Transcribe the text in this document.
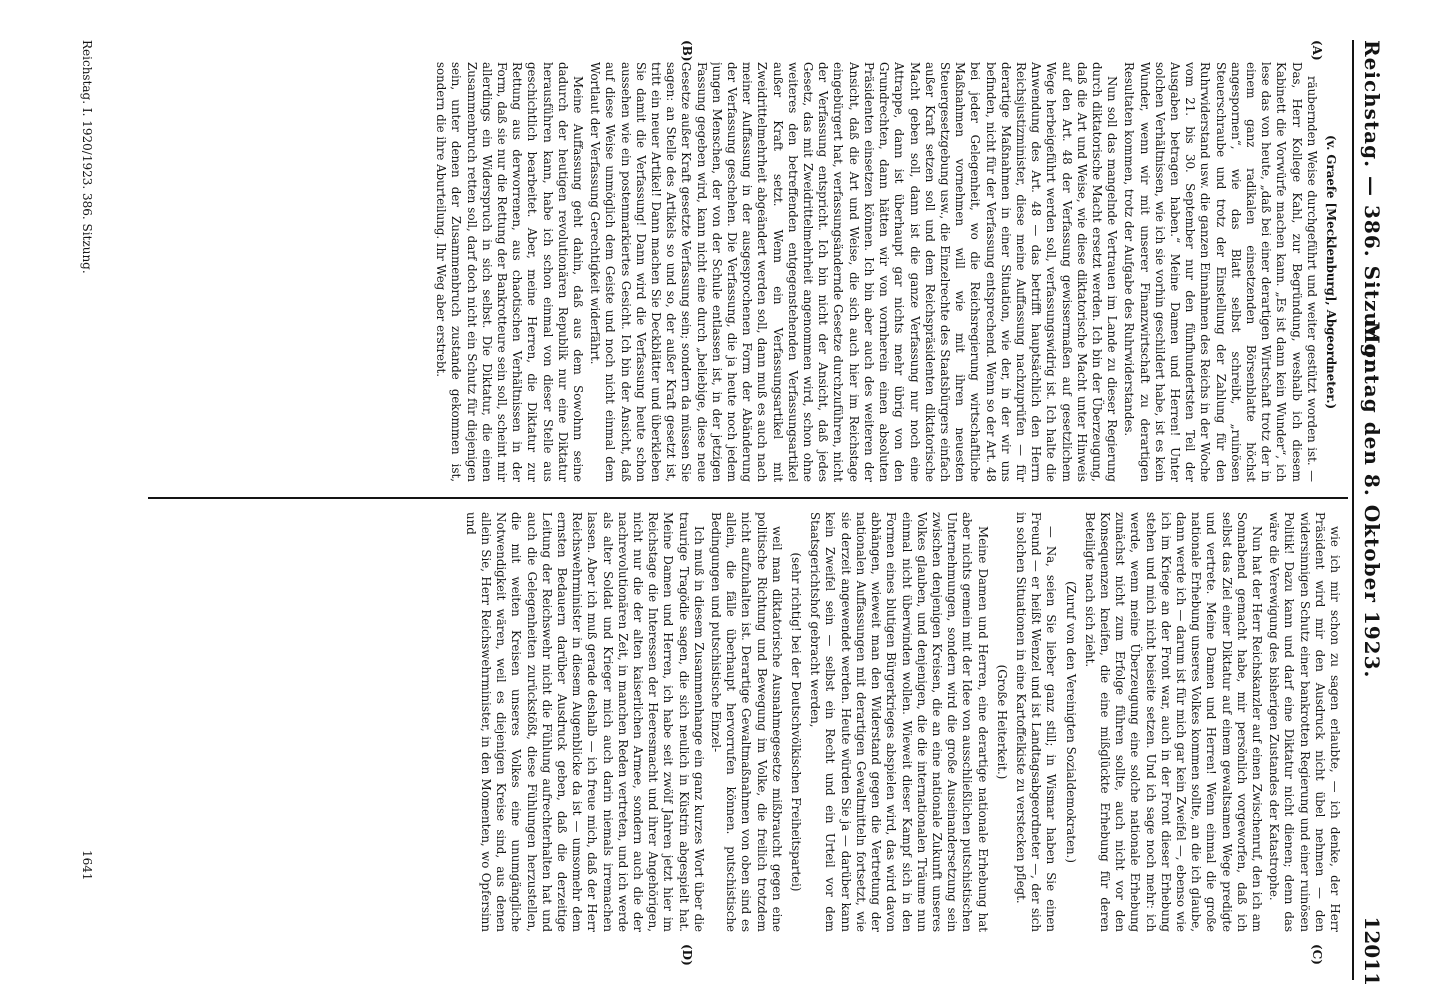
Reichstag. — 386. Sitzung.
Montag den 8. Oktober 1923.
12011
(A)
(B)
(C)
(D)

(v. Graefe [Mecklenburg], Abgeordneter.)

räubernden Weise durchgeführt und weiter gestützt worden ist. — Das, Herr Kollege Kahl, zur Begründung, weshalb ich diesem Kabinett die Vorwürfe machen kann. „Es ist dann kein Wunder“, ich lese das von heute, „daß bei einer derartigen Wirtschaft trotz der in einem ganz radikalen einsetzenden Börsenblatte höchst angespornen“, wie das Blatt selbst schreibt, „ruinösen Steuerschraube und trotz der Einstellung der Zahlung für den Ruhrwiderstand usw. die ganzen Einnahmen des Reichs in der Woche vom 21. bis 30. September nur den fünfhundertsten Teil der Ausgaben betragen haben.“ Meine Damen und Herren! Unter solchen Verhältnissen, wie ich sie vorhin geschildert habe, ist es kein Wunder, wenn wir mit unserer Finanzwirtschaft zu derartigen Resultaten kommen, trotz der Aufgabe des Ruhrwiderstandes.

Nun soll das mangelnde Vertrauen im Lande zu dieser Regierung durch diktatorische Macht ersetzt werden. Ich bin der Überzeugung, daß die Art und Weise, wie diese diktatorische Macht unter Hinweis auf den Art. 48 der Verfassung gewissermaßen auf gesetzlichem Wege herbeigeführt werden soll, verfassungswidrig ist. Ich halte die Anwendung des Art. 48 — das betrifft hauptsächlich den Herrn Reichsjustizminister, diese meine Auffassung nachzuprüfen — für derartige Maßnahmen in einer Situation, wie der, in der wir uns befinden, nicht für der Verfassung entsprechend. Wenn so der Art. 48 bei jeder Gelegenheit, wo die Reichsregierung wirtschaftliche Maßnahmen vornehmen will wie mit ihren neuesten Steuergesetzgebung usw., die Einzelrechte des Staatsbürgers einfach außer Kraft setzen soll und dem Reichspräsidenten diktatorische Macht geben soll, dann ist die ganze Verfassung nur noch eine Attrappe, dann ist überhaupt gar nichts mehr übrig von den Grundrechten, dann hätten wir von vornherein einen absoluten Präsidenten einsetzen können. Ich bin aber auch des weiteren der Ansicht, daß die Art und Weise, die sich auch hier im Reichstage eingebürgert hat, verfassungsändernde Gesetze durchzuführen, nicht der Verfassung entspricht. Ich bin nicht der Ansicht, daß jedes Gesetz, das mit Zweidrittelmehrheit angenommen wird, schon ohne weiteres den betreffenden entgegenstehenden Verfassungsartikel außer Kraft setzt. Wenn ein Verfassungsartikel mit Zweidrittelmehrheit abgeändert werden soll, dann muß es auch nach meiner Auffassung in der ausgesprochenen Form der Abänderung der Verfassung geschehen. Die Verfassung, die ja heute noch jedem jungen Menschen, der von der Schule entlassen ist, in der jetzigen Fassung gegeben wird, kann nicht eine durch „beliebige, diese neue Gesetze außer Kraft gesetzte Verfassung sein; sondern da müssen Sie sagen: an Stelle des Artikels so und so, der außer Kraft gesetzt ist, tritt ein neuer Artikel! Dann machen Sie Deckblätter und überkleben Sie damit die Verfassung! Dann wird die Verfassung heute schon aussehen wie ein postenmarkiertes Gesicht. Ich bin der Ansicht, daß auf diese Weise unmöglich dem Geiste und noch nicht einmal dem Wortlaut der Verfassung Gerechtigkeit widerfährt.

Meine Auffassung geht dahin, daß aus dem Sowohnn seine dadurch der heutigen revolutionären Republik nur eine Diktatur herausführen kann, habe ich schon einmal von dieser Stelle aus geschichtlich bearbeitet. Aber, meine Herren, die Diktatur zur Rettung aus derworrenen, aus chaotischen Verhältnissen in der Form, daß sie nur die Rettung der Bankrotteure sein soll, scheint mir allerdings ein Widerspruch in sich selbst. Die Diktatur, die einen Zusammenbruch retten soll, darf doch nicht ein Schutz für diejenigen sein, unter denen der Zusammenbruch zustande gekommen ist, sondern die ihre Aburteilung. Ihr Weg aber erstrebt.

wie ich mir schon zu sagen erlaubte, — ich denke, der Herr Präsident wird mir den Ausdruck nicht übel nehmen — den widersinnigen Schutz einer bankrotten Regierung und einer ruinösen Politik! Dazu kann und darf eine Diktatur nicht dienen; denn das wäre die Verewigung des bisherigen Zustandes der Katastrophe.

Nun hat der Herr Reichskanzler auf einen Zwischenruf, den ich am Sonnabend gemacht habe, mir persönlich vorgeworfen, daß ich selbst das Ziel einer Diktatur auf einem gewaltsamen Wege predigte und vertrete. Meine Damen und Herren! Wenn einmal die große nationale Erhebung unseres Volkes kommen sollte, an die ich glaube, dann werde ich — darum ist für mich gar kein Zweifel —, ebenso wie ich im Kriege an der Front war, auch in der Front dieser Erhebung stehen und mich nicht beiseite setzen. Und ich sage noch mehr: ich werde, wenn meine Überzeugung eine solche nationale Erhebung zunächst nicht zum Erfolge führen sollte, auch nicht vor den Konsequenzen kneifen, die eine mißglückte Erhebung für deren Beteiligte nach sich zieht.

(Zuruf von den Vereinigten Sozialdemokraten.)

— Na, seien Sie lieber ganz still; in Wismar haben Sie einen Freund — er heißt Wenzel und ist Landtagsabgeordneter —, der sich in solchen Situationen in eine Kartoffelkiste zu verstecken pflegt.

(Große Heiterkeit.)

Meine Damen und Herren, eine derartige nationale Erhebung hat aber nichts gemein mit der Idee von ausschließlichen putschistischen Unternehmungen, sondern wird die große Auseinandersetzung sein zwischen denjenigen Kreisen, die an eine nationale Zukunft unseres Volkes glauben, und denjenigen, die die internationalen Träume nun einmal nicht überwinden wollen. Wieweit dieser Kampf sich in den Formen eines blutigen Bürgerkrieges abspielen wird, das wird davon abhängen, wieweit man den Widerstand gegen die Vertretung der nationalen Auffassungen mit derartigen Gewaltmitteln fortsetzt, wie sie derzeit angewendet werden. Heute würden Sie ja — darüber kann kein Zweifel sein — selbst ein Recht und ein Urteil vor dem Staatsgerichtshof gebracht werden,

(sehr richtig! bei der Deutschvölkischen Freiheitspartei)

weil man diktatorische Ausnahmegesetze mißbraucht gegen eine politische Richtung und Bewegung im Volke, die freilich trotzdem nicht aufzuhalten ist. Derartige Gewaltmaßnahmen von oben sind es allein, die fälle überhaupt hervorrufen können. putschistische Bedingungen und putschistische Einzel-

Ich muß in diesem Zusammenhange ein ganz kurzes Wort über die traurige Tragödie sagen, die sich neulich in Küstrin abgespielt hat. Meine Damen und Herren, ich habe seit zwölf Jahren jetzt hier im Reichstage die Interessen der Heeresmacht und ihrer Angehörigen, nicht nur die der alten kaiserlichen Armee, sondern auch die der nachrevolutionären Zeit, in manchen Reden vertreten, und ich werde als alter Soldat und Krieger mich auch darin niemals irremachen lassen. Aber ich muß gerade deshalb — ich freue mich, daß der Herr Reichswehrminister in diesem Augenblicke da ist — umsomehr dem ernsten Bedauern darüber Ausdruck geben, daß die derzeitige Leitung der Reichswehr nicht die Fühlung aufrechterhalten hat und auch die Gelegenheiten zurückstößt, diese Fühlungen herzustellen, die mit weiten Kreisen unseres Volkes eine unumgängliche Notwendigkeit wären, weil es diejenigen Kreise sind, aus denen allein Sie, Herr Reichswehrminister, in den Momenten, wo Opfersinn und

Reichstag. I. 1920/1923. 386. Sitzung.
1641
